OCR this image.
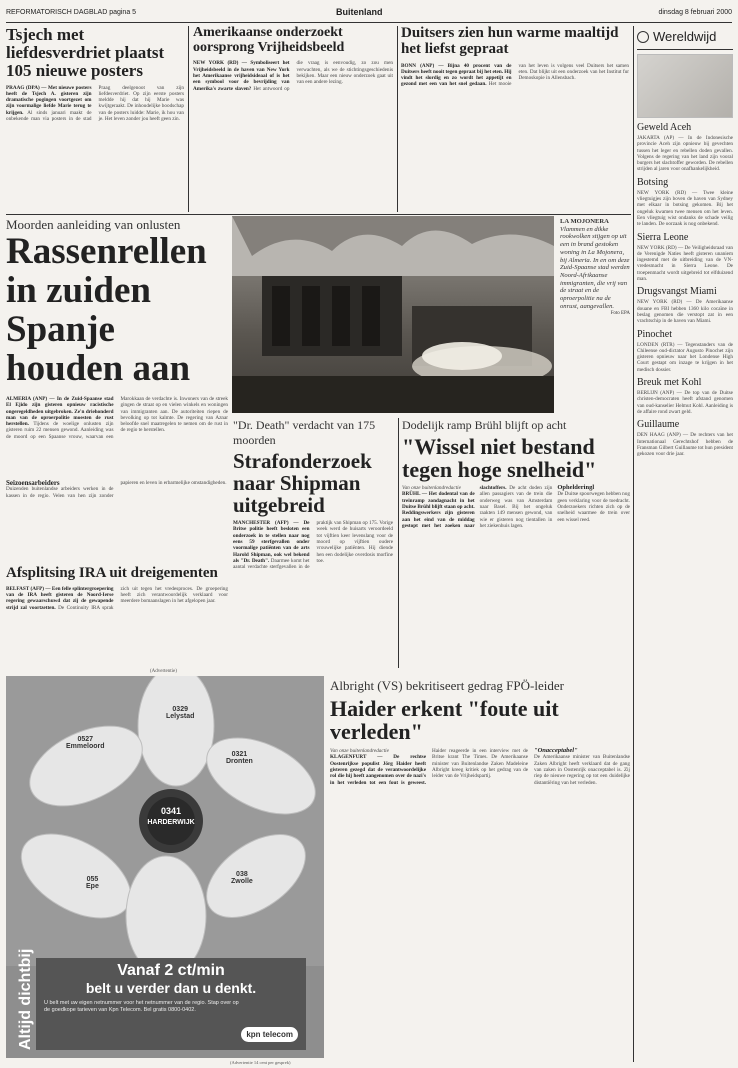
REFORMATORISCH DAGBLAD pagina 5	Buitenland	dinsdag 8 februari 2000
Tsjech met liefdesverdriet plaatst 105 nieuwe posters
PRAAG (DPA) — Met nieuwe posters heeft de Tsjech A. gisteren zijn dramatische pogingen voortgezet om zijn voormalige liefde Marie terug te krijgen. Al sinds januari maakt de onbekende man via posters in de stad Praag deelgenoot van zijn liefdesverdriet. Op zijn eerste posters meldde hij dat hij Marie was kwijtgeraakt. De inhoudelijke boodschap van de posters luidde: Marie, ik hou van je. Het leven zonder jou heeft geen zin.
Amerikaanse onderzoekt oorsprong Vrijheidsbeeld
NEW YORK (RD) — Symboliseert het Vrijheidsbeeld in de haven van New York het Amerikaanse vrijheidsideaal of is het een symbool voor de bevrijding van Amerika's zwarte slaven? Het antwoord op die vraag is eenvoudig, zo zou men verwachten, als we de stichtingsgeschiedenis bekijken. Maar een nieuw onderzoek gaat uit van een andere lezing.
Duitsers zien hun warme maaltijd het liefst gepraat
BONN (ANP) — Bijna 40 procent van de Duitsers heeft nooit tegen gepraat bij het eten. Hij vindt het slordig en zo wordt het appetijt en gezond met een van het snel gedaan. Het mooie van het leven is volgens veel Duitsers het samen eten. Dat blijkt uit een onderzoek van het Institut fur Demoskopie in Allensbach.
Moorden aanleiding van onlusten
Rassenrellen in zuiden Spanje houden aan
LA MOJONERA Vlammen en dikke rookwolken stijgen op uit een in brand gestoken woning in La Mojonera, bij Almeria. In en om deze Zuid-Spaanse stad werden Noord-Afrikaanse immigranten, die vrij van de straat en de oproerpolitie na de onrust, aangevallen.
Foto EPA
ALMERIA (ANP) — In de Zuid-Spaanse stad El Ejido zijn gisteren opnieuw racistische ongeregeldheden uitgebroken. Ze'n driehonderd man van de oproerpolitie moesten de rust herstellen. Tijdens de woelige onlusten zijn gisteren ruim 22 mensen gewond. Aanleiding was de moord op een Spaanse vrouw, waarvan een Marokkaan de verdachte is. Inwoners van de streek gingen de straat op en vielen winkels en woningen van immigranten aan. De autoriteiten riepen de bevolking op tot kalmte. De regering van Aznar beloofde snel maatregelen te nemen om de rust in de regio te herstellen.
Seizoensarbeiders
Duizenden buitenlandse arbeiders werken in de kassen in de regio. Velen van hen zijn zonder papieren en leven in erbarmelijke omstandigheden.
Afsplitsing IRA uit dreigementen
BELFAST (AFP) — Een felle splintergroepering van de IRA heeft gisteren de Noord-Ierse regering gewaarschuwd dat zij de gewapende strijd zal voortzetten. De Continuity IRA sprak zich uit tegen het vredesproces. De groepering heeft zich verantwoordelijk verklaard voor meerdere bomaanslagen in het afgelopen jaar.
"Dr. Death" verdacht van 175 moorden
Strafonderzoek naar Shipman uitgebreid
MANCHESTER (AFP) — De Britse politie heeft besloten een onderzoek in te stellen naar nog eens 59 sterfgevallen onder voormalige patiënten van de arts Harold Shipman, ook wel bekend als "Dr. Death". Daarmee komt het aantal verdachte sterfgevallen in de praktijk van Shipman op 175. Vorige week werd de huisarts veroordeeld tot vijftien keer levenslang voor de moord op vijftien oudere vrouwelijke patiënten. Hij diende hen een dodelijke overdosis morfine toe.
Dodelijk ramp Brühl blijft op acht
"Wissel niet bestand tegen hoge snelheid"
Van onze buitenlandredactie
BRÜHL — Het dodental van de treinramp zondagnacht in het Duitse Brühl blijft staan op acht. Reddingswerkers zijn gisteren aan het eind van de middag gestopt met het zoeken naar slachtoffers. De acht doden zijn allen passagiers van de trein die onderweg was van Amsterdam naar Basel. Bij het ongeluk raakten 149 mensen gewond, van wie er gisteren nog tientallen in het ziekenhuis lagen.
Ophelderingl
De Duitse spoorwegen hebben nog geen verklaring voor de toedracht. Onderzoekers richten zich op de snelheid waarmee de trein over een wissel reed.
(Advertentie)
0329
Lelystad
0527
Emmeloord
0321
Dronten
0341
HARDERWIJK
038
Zwolle
055
Epe
Altijd dichtbij	Vanaf 2 ct/min
belt u verder dan u denkt.
U belt met uw eigen netnummer voor het netnummer van de regio. Stap over op de goedkope tarieven van Kpn Telecom. Bel gratis 0800-0402.
kpn telecom
(Advertentie 14 cent per gesprek)
Albright (VS) bekritiseert gedrag FPÖ-leider
Haider erkent "foute uit verleden"
Van onze buitenlandredactie
KLAGENFURT — De rechtse Oostenrijkse populist Jörg Haider heeft gisteren gezegd dat de verantwoordelijke rol die hij heeft aangenomen over de nazi's in het verleden tot een fout is geweest. Haider reageerde in een interview met de Britse krant The Times. De Amerikaanse minister van Buitenlandse Zaken Madeleine Albright kreeg kritiek op het gedrag van de leider van de Vrijheidspartij.
"Onacceptabel"
De Amerikaanse minister van Buitenlandse Zaken Albright heeft verklaard dat de gang van zaken in Oostenrijk onacceptabel is. Zij riep de nieuwe regering op tot een duidelijke distantiëring van het verleden.
Wereldwijd
Geweld Aceh
JAKARTA (AP) — In de Indonesische provincie Aceh zijn opnieuw bij gevechten tussen het leger en rebellen doden gevallen. Volgens de regering van het land zijn vooral burgers het slachtoffer geworden. De rebellen strijden al jaren voor onafhankelijkheid.
Botsing
NEW YORK (RD) — Twee kleine vliegtuigjes zijn boven de haven van Sydney met elkaar in botsing gekomen. Bij het ongeluk kwamen twee mensen om het leven. Een vliegtuig wist ondanks de schade veilig te landen. De oorzaak is nog onbekend.
Sierra Leone
NEW YORK (RD) — De Veiligheidsraad van de Verenigde Naties heeft gisteren unaniem ingestemd met de uitbreiding van de VN-vredesmacht in Sierra Leone. De troepenmacht wordt uitgebreid tot elfduizend man.
Drugsvangst Miami
NEW YORK (RD) — De Amerikaanse douane en FBI hebben 1360 kilo cocaïne in beslag genomen die verstopt zat in een vrachtschip in de haven van Miami.
Pinochet
LONDEN (RTR) — Tegenstanders van de Chileense oud-dictator Augusto Pinochet zijn gisteren opnieuw naar het Londense High Court gestapt om inzage te krijgen in het medisch dossier.
Breuk met Kohl
BERLIJN (ANP) — De top van de Duitse christen-democraten heeft afstand genomen van oud-kanselier Helmut Kohl. Aanleiding is de affaire rond zwart geld.
Guillaume
DEN HAAG (ANP) — De rechters van het Internationaal Gerechtshof hebben de Fransman Gilbert Guillaume tot hun president gekozen voor drie jaar.
